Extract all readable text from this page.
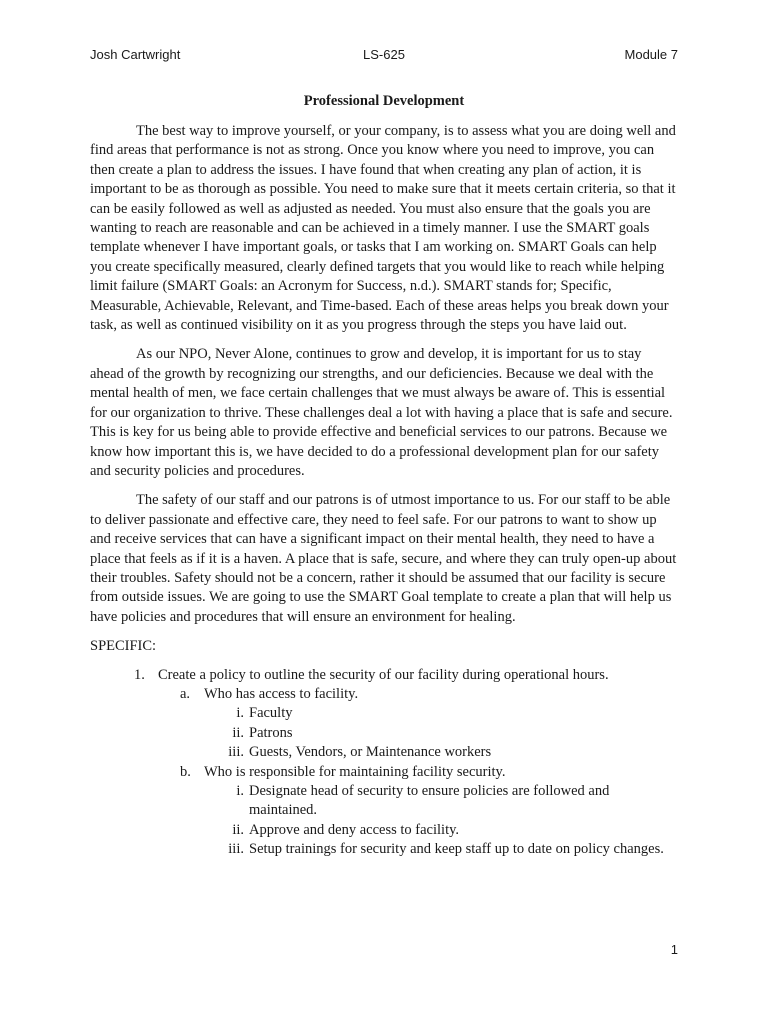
Josh Cartwright	LS-625	Module 7
Professional Development

The best way to improve yourself, or your company, is to assess what you are doing well and find areas that performance is not as strong. Once you know where you need to improve, you can then create a plan to address the issues. I have found that when creating any plan of action, it is important to be as thorough as possible. You need to make sure that it meets certain criteria, so that it can be easily followed as well as adjusted as needed. You must also ensure that the goals you are wanting to reach are reasonable and can be achieved in a timely manner. I use the SMART goals template whenever I have important goals, or tasks that I am working on. SMART Goals can help you create specifically measured, clearly defined targets that you would like to reach while helping limit failure (SMART Goals: an Acronym for Success, n.d.). SMART stands for; Specific, Measurable, Achievable, Relevant, and Time-based. Each of these areas helps you break down your task, as well as continued visibility on it as you progress through the steps you have laid out.

As our NPO, Never Alone, continues to grow and develop, it is important for us to stay ahead of the growth by recognizing our strengths, and our deficiencies. Because we deal with the mental health of men, we face certain challenges that we must always be aware of. This is essential for our organization to thrive. These challenges deal a lot with having a place that is safe and secure. This is key for us being able to provide effective and beneficial services to our patrons. Because we know how important this is, we have decided to do a professional development plan for our safety and security policies and procedures.

The safety of our staff and our patrons is of utmost importance to us. For our staff to be able to deliver passionate and effective care, they need to feel safe. For our patrons to want to show up and receive services that can have a significant impact on their mental health, they need to have a place that feels as if it is a haven. A place that is safe, secure, and where they can truly open-up about their troubles. Safety should not be a concern, rather it should be assumed that our facility is secure from outside issues. We are going to use the SMART Goal template to create a plan that will help us have policies and procedures that will ensure an environment for healing.

SPECIFIC:

1. Create a policy to outline the security of our facility during operational hours.
a. Who has access to facility.
i. Faculty
ii. Patrons
iii. Guests, Vendors, or Maintenance workers
b. Who is responsible for maintaining facility security.
i. Designate head of security to ensure policies are followed and maintained.
ii. Approve and deny access to facility.
iii. Setup trainings for security and keep staff up to date on policy changes.
1
